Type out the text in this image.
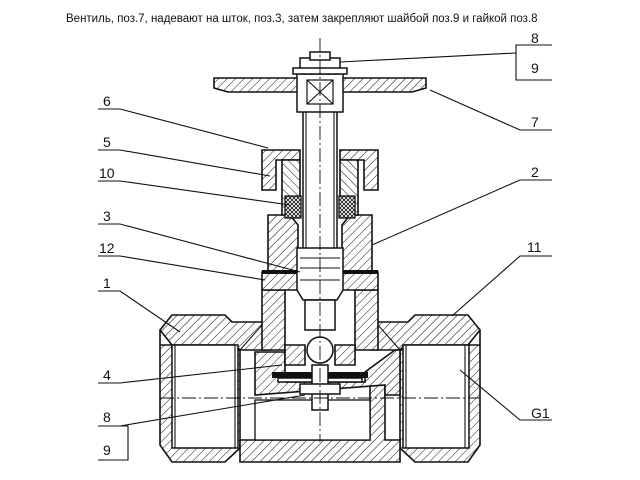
Вентиль, поз.7, надевают на шток, поз.3, затем закрепляют шайбой поз.9 и гайкой поз.8
6
5
10
3
12
1
4
8
9
8
9
7
2
11
G1
